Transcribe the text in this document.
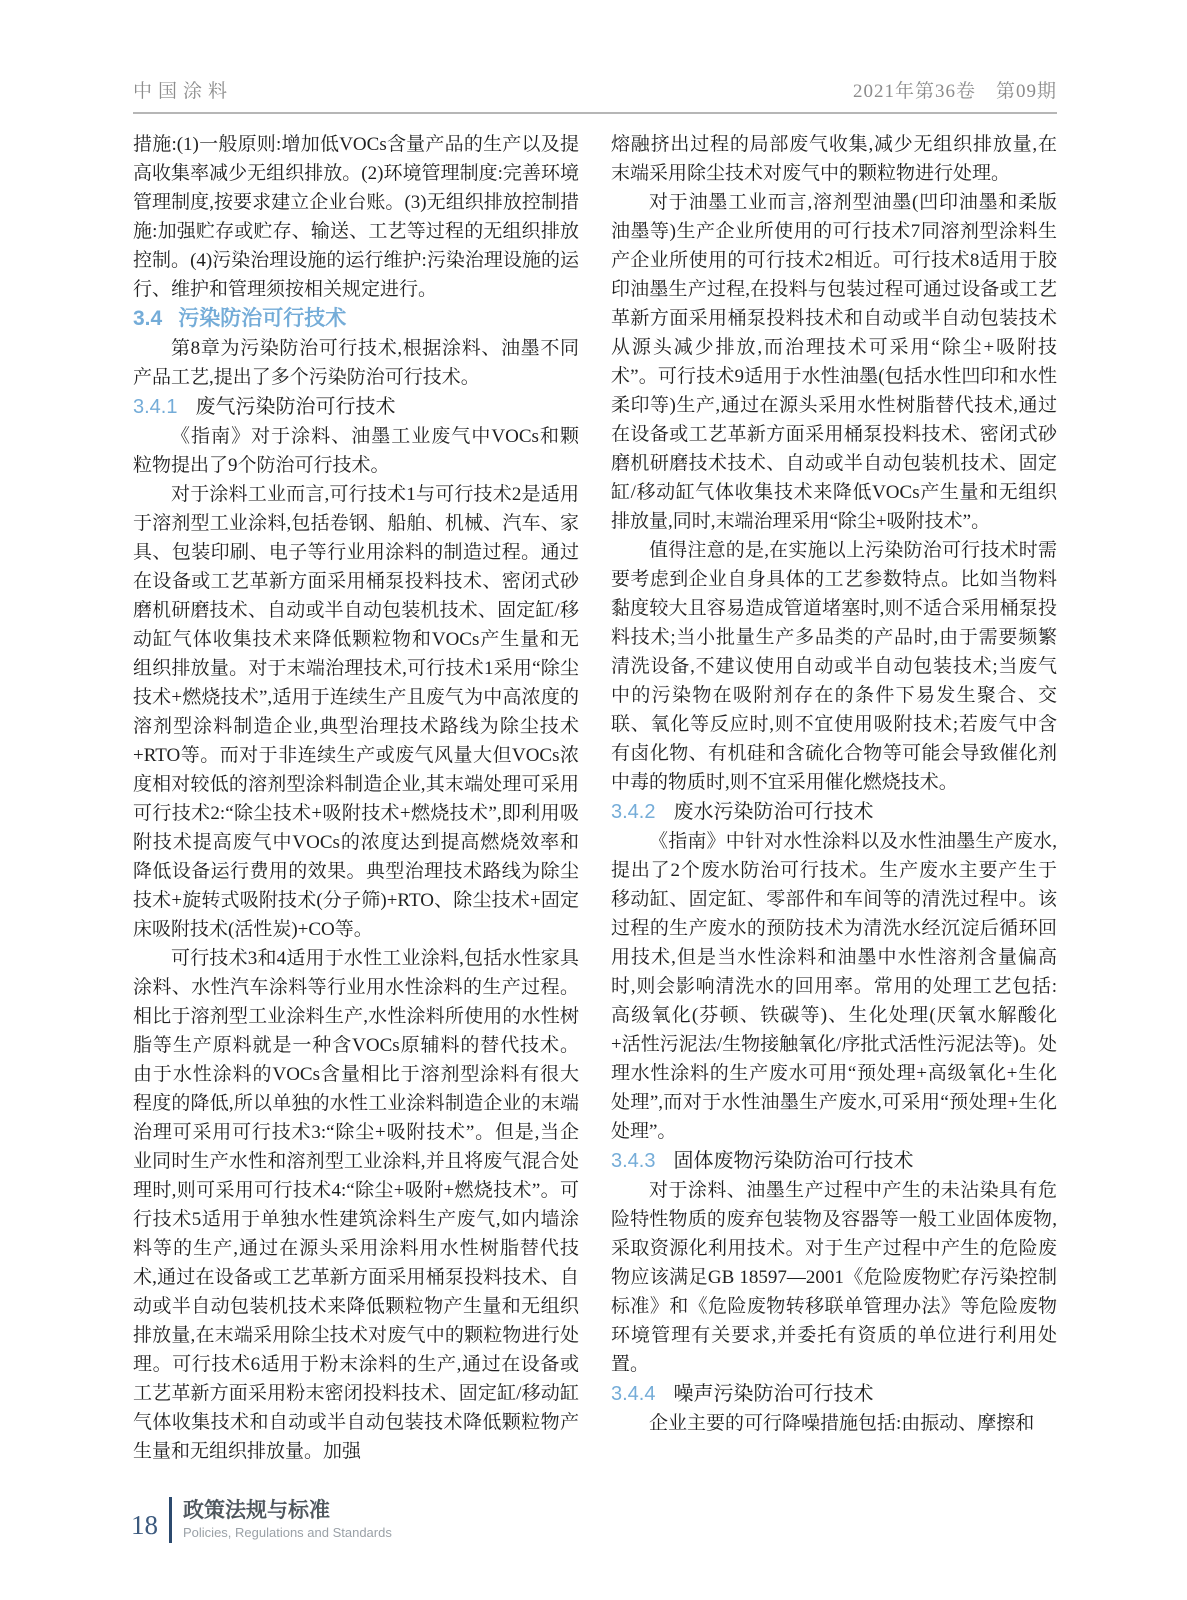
中国涂料	2021年第36卷　第09期

措施:(1)一般原则:增加低VOCs含量产品的生产以及提高收集率减少无组织排放。(2)环境管理制度:完善环境管理制度,按要求建立企业台账。(3)无组织排放控制措施:加强贮存或贮存、输送、工艺等过程的无组织排放控制。(4)污染治理设施的运行维护:污染治理设施的运行、维护和管理须按相关规定进行。

3.4 污染防治可行技术

第8章为污染防治可行技术,根据涂料、油墨不同产品工艺,提出了多个污染防治可行技术。

3.4.1 废气污染防治可行技术

《指南》对于涂料、油墨工业废气中VOCs和颗粒物提出了9个防治可行技术。

对于涂料工业而言,可行技术1与可行技术2是适用于溶剂型工业涂料,包括卷钢、船舶、机械、汽车、家具、包装印刷、电子等行业用涂料的制造过程。通过在设备或工艺革新方面采用桶泵投料技术、密闭式砂磨机研磨技术、自动或半自动包装机技术、固定缸/移动缸气体收集技术来降低颗粒物和VOCs产生量和无组织排放量。对于末端治理技术,可行技术1采用“除尘技术+燃烧技术”,适用于连续生产且废气为中高浓度的溶剂型涂料制造企业,典型治理技术路线为除尘技术+RTO等。而对于非连续生产或废气风量大但VOCs浓度相对较低的溶剂型涂料制造企业,其末端处理可采用可行技术2:“除尘技术+吸附技术+燃烧技术”,即利用吸附技术提高废气中VOCs的浓度达到提高燃烧效率和降低设备运行费用的效果。典型治理技术路线为除尘技术+旋转式吸附技术(分子筛)+RTO、除尘技术+固定床吸附技术(活性炭)+CO等。

可行技术3和4适用于水性工业涂料,包括水性家具涂料、水性汽车涂料等行业用水性涂料的生产过程。相比于溶剂型工业涂料生产,水性涂料所使用的水性树脂等生产原料就是一种含VOCs原辅料的替代技术。由于水性涂料的VOCs含量相比于溶剂型涂料有很大程度的降低,所以单独的水性工业涂料制造企业的末端治理可采用可行技术3:“除尘+吸附技术”。但是,当企业同时生产水性和溶剂型工业涂料,并且将废气混合处理时,则可采用可行技术4:“除尘+吸附+燃烧技术”。可行技术5适用于单独水性建筑涂料生产废气,如内墙涂料等的生产,通过在源头采用涂料用水性树脂替代技术,通过在设备或工艺革新方面采用桶泵投料技术、自动或半自动包装机技术来降低颗粒物产生量和无组织排放量,在末端采用除尘技术对废气中的颗粒物进行处理。可行技术6适用于粉末涂料的生产,通过在设备或工艺革新方面采用粉末密闭投料技术、固定缸/移动缸气体收集技术和自动或半自动包装技术降低颗粒物产生量和无组织排放量。加强

熔融挤出过程的局部废气收集,减少无组织排放量,在末端采用除尘技术对废气中的颗粒物进行处理。

对于油墨工业而言,溶剂型油墨(凹印油墨和柔版油墨等)生产企业所使用的可行技术7同溶剂型涂料生产企业所使用的可行技术2相近。可行技术8适用于胶印油墨生产过程,在投料与包装过程可通过设备或工艺革新方面采用桶泵投料技术和自动或半自动包装技术从源头减少排放,而治理技术可采用“除尘+吸附技术”。可行技术9适用于水性油墨(包括水性凹印和水性柔印等)生产,通过在源头采用水性树脂替代技术,通过在设备或工艺革新方面采用桶泵投料技术、密闭式砂磨机研磨技术技术、自动或半自动包装机技术、固定缸/移动缸气体收集技术来降低VOCs产生量和无组织排放量,同时,末端治理采用“除尘+吸附技术”。

值得注意的是,在实施以上污染防治可行技术时需要考虑到企业自身具体的工艺参数特点。比如当物料黏度较大且容易造成管道堵塞时,则不适合采用桶泵投料技术;当小批量生产多品类的产品时,由于需要频繁清洗设备,不建议使用自动或半自动包装技术;当废气中的污染物在吸附剂存在的条件下易发生聚合、交联、氧化等反应时,则不宜使用吸附技术;若废气中含有卤化物、有机硅和含硫化合物等可能会导致催化剂中毒的物质时,则不宜采用催化燃烧技术。

3.4.2 废水污染防治可行技术

《指南》中针对水性涂料以及水性油墨生产废水,提出了2个废水防治可行技术。生产废水主要产生于移动缸、固定缸、零部件和车间等的清洗过程中。该过程的生产废水的预防技术为清洗水经沉淀后循环回用技术,但是当水性涂料和油墨中水性溶剂含量偏高时,则会影响清洗水的回用率。常用的处理工艺包括:高级氧化(芬顿、铁碳等)、生化处理(厌氧水解酸化+活性污泥法/生物接触氧化/序批式活性污泥法等)。处理水性涂料的生产废水可用“预处理+高级氧化+生化处理”,而对于水性油墨生产废水,可采用“预处理+生化处理”。

3.4.3 固体废物污染防治可行技术

对于涂料、油墨生产过程中产生的未沾染具有危险特性物质的废弃包装物及容器等一般工业固体废物,采取资源化利用技术。对于生产过程中产生的危险废物应该满足GB 18597—2001《危险废物贮存污染控制标准》和《危险废物转移联单管理办法》等危险废物环境管理有关要求,并委托有资质的单位进行利用处置。

3.4.4 噪声污染防治可行技术

企业主要的可行降噪措施包括:由振动、摩擦和

18 政策法规与标准
Policies, Regulations and Standards
